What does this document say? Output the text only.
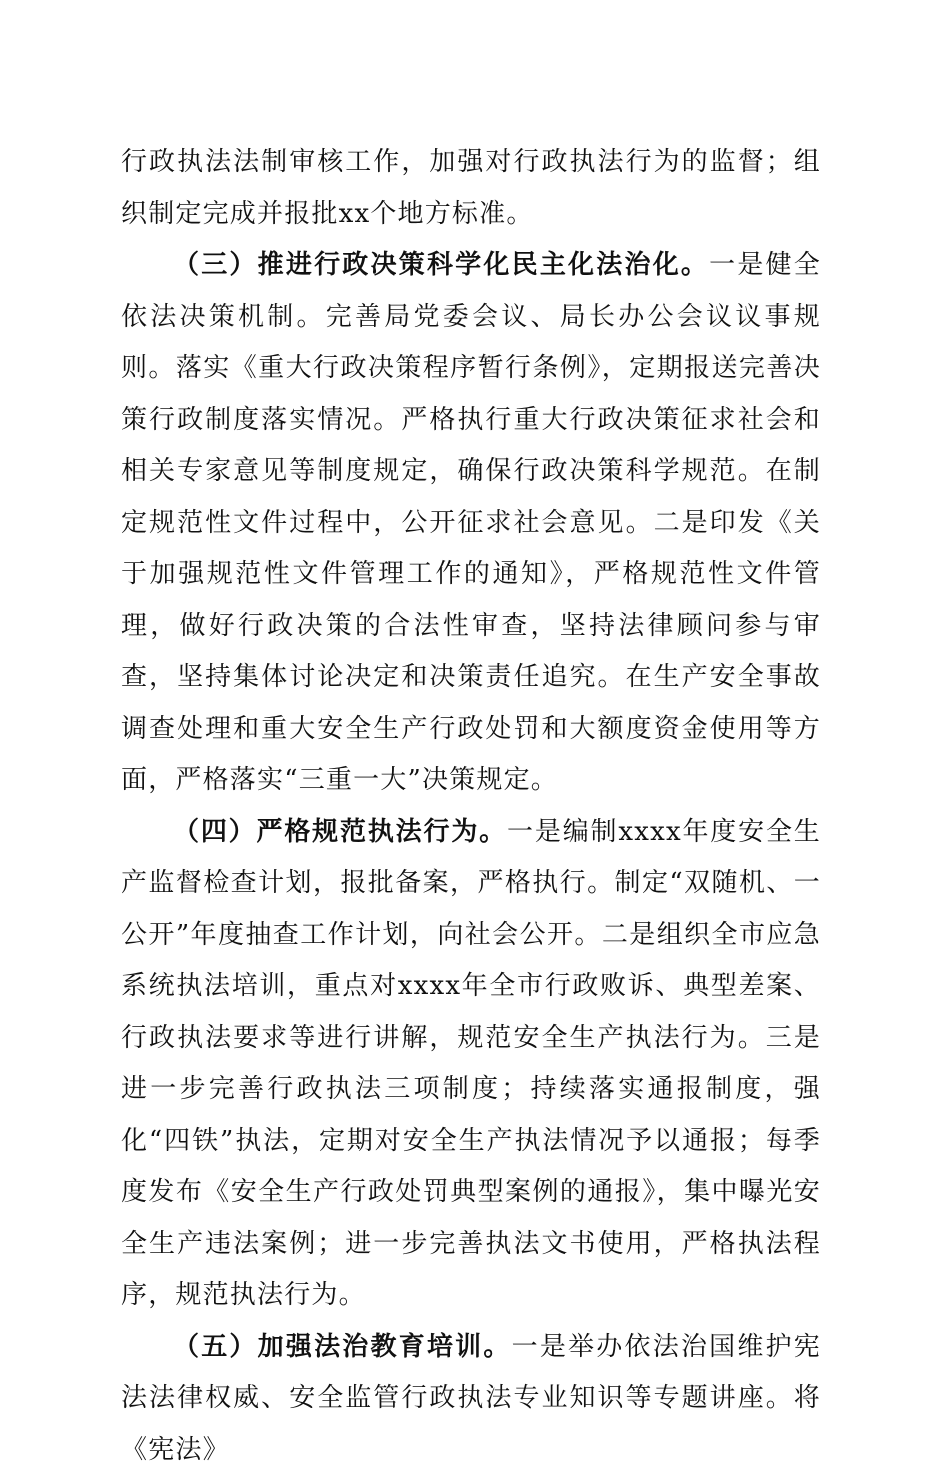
行政执法法制审核工作，加强对行政执法行为的监督；组织制定完成并报批xx个地方标准。

（三）推进行政决策科学化民主化法治化。一是健全依法决策机制。完善局党委会议、局长办公会议议事规则。落实《重大行政决策程序暂行条例》，定期报送完善决策行政制度落实情况。严格执行重大行政决策征求社会和相关专家意见等制度规定，确保行政决策科学规范。在制定规范性文件过程中，公开征求社会意见。二是印发《关于加强规范性文件管理工作的通知》，严格规范性文件管理，做好行政决策的合法性审查，坚持法律顾问参与审查，坚持集体讨论决定和决策责任追究。在生产安全事故调查处理和重大安全生产行政处罚和大额度资金使用等方面，严格落实“三重一大”决策规定。

（四）严格规范执法行为。一是编制xxxx年度安全生产监督检查计划，报批备案，严格执行。制定“双随机、一公开”年度抽查工作计划，向社会公开。二是组织全市应急系统执法培训，重点对xxxx年全市行政败诉、典型差案、行政执法要求等进行讲解，规范安全生产执法行为。三是进一步完善行政执法三项制度；持续落实通报制度，强化“四铁”执法，定期对安全生产执法情况予以通报；每季度发布《安全生产行政处罚典型案例的通报》，集中曝光安全生产违法案例；进一步完善执法文书使用，严格执法程序，规范执法行为。

（五）加强法治教育培训。一是举办依法治国维护宪法法律权威、安全监管行政执法专业知识等专题讲座。将《宪法》
